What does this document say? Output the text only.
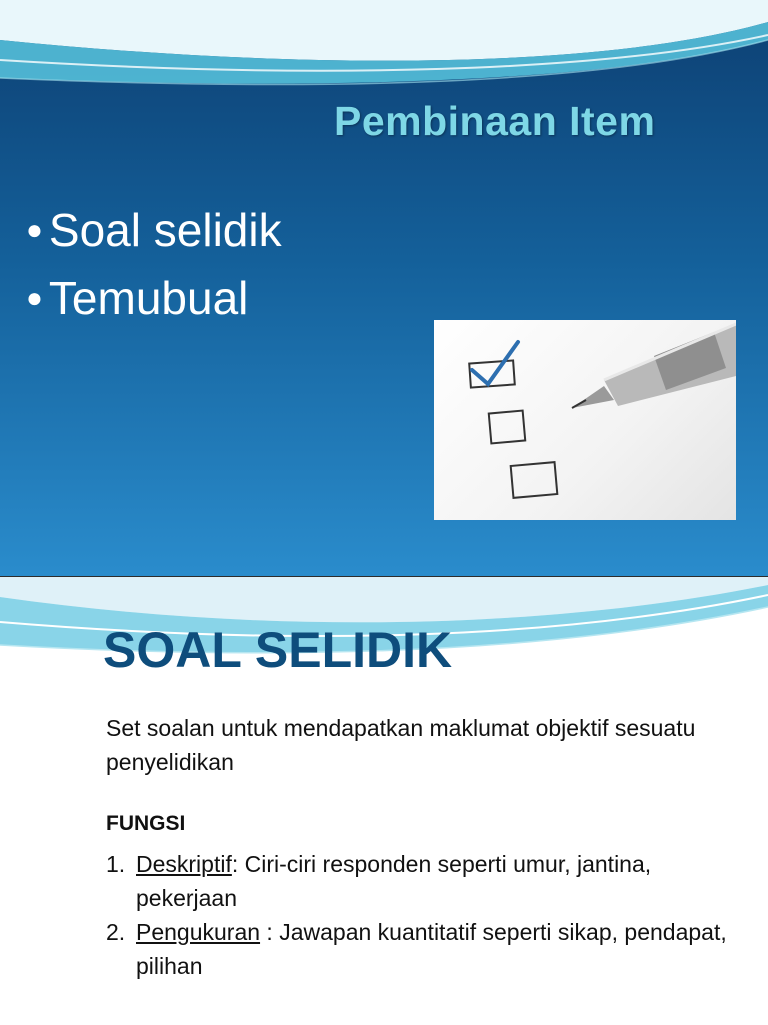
Pembinaan Item
● Soal selidik
● Temubual
SOAL SELIDIK

Set soalan untuk mendapatkan maklumat objektif sesuatu penyelidikan

FUNGSI

1. Deskriptif: Ciri-ciri responden seperti umur, jantina, pekerjaan
2. Pengukuran : Jawapan kuantitatif seperti sikap, pendapat, pilihan
